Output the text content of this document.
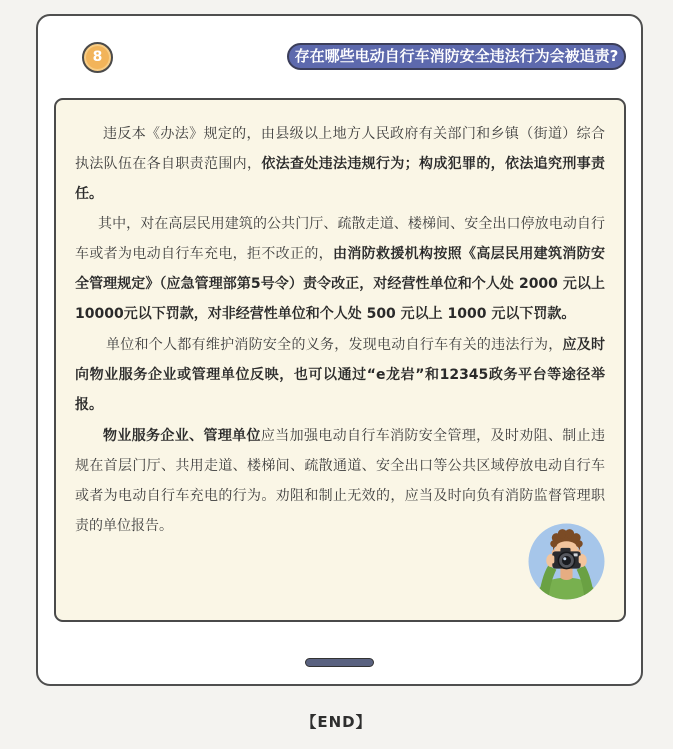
8	存在哪些电动自行车消防安全违法行为会被追责?
违反本《办法》规定的，由县级以上地方人民政府有关部门和乡镇（街道）综合
执法队伍在各自职责范围内，依法查处违法违规行为；构成犯罪的，依法追究刑事责
任。
其中，对在高层民用建筑的公共门厅、疏散走道、楼梯间、安全出口停放电动自行
车或者为电动自行车充电，拒不改正的，由消防救援机构按照《高层民用建筑消防安
全管理规定》（应急管理部第5号令）责令改正，对经营性单位和个人处 2000 元以上
10000元以下罚款，对非经营性单位和个人处 500 元以上 1000 元以下罚款。
单位和个人都有维护消防安全的义务，发现电动自行车有关的违法行为，应及时
向物业服务企业或管理单位反映，也可以通过“e龙岩”和12345政务平台等途径举
报。
物业服务企业、管理单位应当加强电动自行车消防安全管理，及时劝阻、制止违
规在首层门厅、共用走道、楼梯间、疏散通道、安全出口等公共区域停放电动自行车
或者为电动自行车充电的行为。劝阻和制止无效的，应当及时向负有消防监督管理职
责的单位报告。
【END】
